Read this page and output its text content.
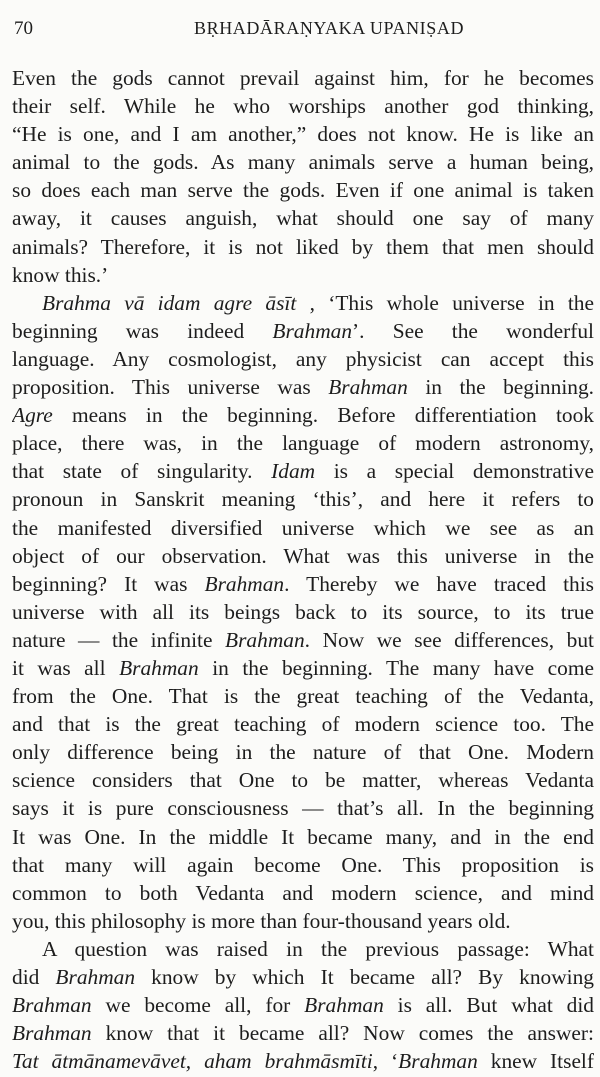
70	BṚHADĀRAṆYAKA UPANIṢAD
Even the gods cannot prevail against him, for he becomes
their self. While he who worships another god thinking,
“He is one, and I am another,” does not know. He is like an
animal to the gods. As many animals serve a human being,
so does each man serve the gods. Even if one animal is taken
away, it causes anguish, what should one say of many
animals? Therefore, it is not liked by them that men should
know this.’
Brahma vā idam agre āsīt , ‘This whole universe in the
beginning was indeed Brahman’. See the wonderful
language. Any cosmologist, any physicist can accept this
proposition. This universe was Brahman in the beginning.
Agre means in the beginning. Before differentiation took
place, there was, in the language of modern astronomy,
that state of singularity. Idam is a special demonstrative
pronoun in Sanskrit meaning ‘this’, and here it refers to
the manifested diversified universe which we see as an
object of our observation. What was this universe in the
beginning? It was Brahman. Thereby we have traced this
universe with all its beings back to its source, to its true
nature — the infinite Brahman. Now we see differences, but
it was all Brahman in the beginning. The many have come
from the One. That is the great teaching of the Vedanta,
and that is the great teaching of modern science too. The
only difference being in the nature of that One. Modern
science considers that One to be matter, whereas Vedanta
says it is pure consciousness — that’s all. In the beginning
It was One. In the middle It became many, and in the end
that many will again become One. This proposition is
common to both Vedanta and modern science, and mind
you, this philosophy is more than four-thousand years old.
A question was raised in the previous passage: What
did Brahman know by which It became all? By knowing
Brahman we become all, for Brahman is all. But what did
Brahman know that it became all? Now comes the answer:
Tat ātmānamevāvet, aham brahmāsmīti, ‘Brahman knew Itself
